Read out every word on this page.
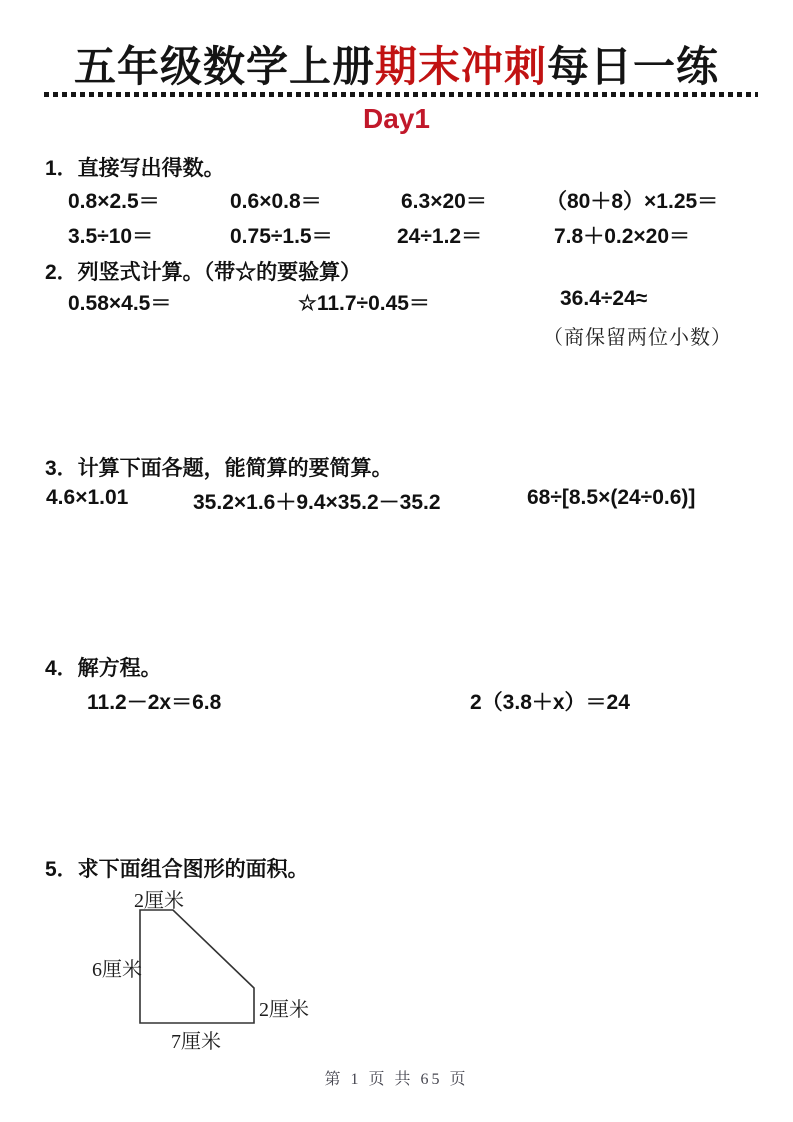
五年级数学上册期末冲刺每日一练
Day1
1．直接写出得数。
0.8×2.5＝	0.6×0.8＝	6.3×20＝	（80＋8）×1.25＝
3.5÷10＝	0.75÷1.5＝	24÷1.2＝	7.8＋0.2×20＝
2．列竖式计算。（带☆的要验算）
0.58×4.5＝	☆11.7÷0.45＝	36.4÷24≈
（商保留两位小数）
3．计算下面各题，能简算的要简算。
4.6×1.01	35.2×1.6＋9.4×35.2－35.2	68÷[8.5×(24÷0.6)]
4．解方程。
11.2－2x＝6.8	2（3.8＋x）＝24
5．求下面组合图形的面积。
2厘米
6厘米
2厘米
7厘米
第 1 页 共 65 页
